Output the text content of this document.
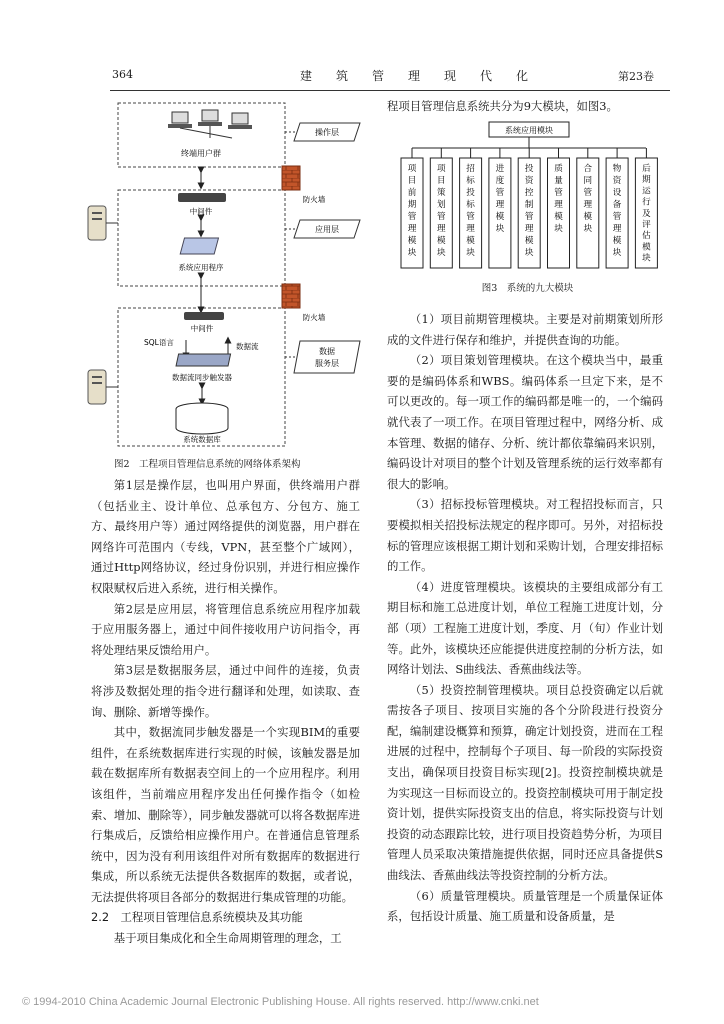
364	建筑管理现代化	第23卷
终端用户群
中间件
系统应用程序
中间件
SQL语言	数据流
数据流同步触发器
系统数据库
防火墙
防火墙
操作层
应用层
数据
服务层

图2　工程项目管理信息系统的网络体系架构

第1层是操作层，也叫用户界面，供终端用户群（包括业主、设计单位、总承包方、分包方、施工方、最终用户等）通过网络提供的浏览器，用户群在网络许可范围内（专线，VPN，甚至整个广域网），通过Http网络协议，经过身份识别，并进行相应操作权限赋权后进入系统，进行相关操作。

第2层是应用层，将管理信息系统应用程序加载于应用服务器上，通过中间件接收用户访问指令，再将处理结果反馈给用户。

第3层是数据服务层，通过中间件的连接，负责将涉及数据处理的指令进行翻译和处理，如读取、查询、删除、新增等操作。

其中，数据流同步触发器是一个实现BIM的重要组件，在系统数据库进行实现的时候，该触发器是加载在数据库所有数据表空间上的一个应用程序。利用该组件，当前端应用程序发出任何操作指令（如检索、增加、删除等），同步触发器就可以将各数据库进行集成后，反馈给相应操作用户。在普通信息管理系统中，因为没有利用该组件对所有数据库的数据进行集成，所以系统无法提供各数据库的数据，或者说，无法提供将项目各部分的数据进行集成管理的功能。

2.2　工程项目管理信息系统模块及其功能

基于项目集成化和全生命周期管理的理念，工

程项目管理信息系统共分为9大模块，如图3。

系统应用模块
项目前期管理模块
项目策划管理模块
招标投标管理模块
进度管理模块
投资控制管理模块
质量管理模块
合同管理模块
物资设备管理模块
后期运行及评估模块

图3　系统的九大模块

（1）项目前期管理模块。主要是对前期策划所形成的文件进行保存和维护，并提供查询的功能。

（2）项目策划管理模块。在这个模块当中，最重要的是编码体系和WBS。编码体系一旦定下来，是不可以更改的。每一项工作的编码都是唯一的，一个编码就代表了一项工作。在项目管理过程中，网络分析、成本管理、数据的储存、分析、统计都依靠编码来识别，编码设计对项目的整个计划及管理系统的运行效率都有很大的影响。

（3）招标投标管理模块。对工程招投标而言，只要模拟相关招投标法规定的程序即可。另外，对招标投标的管理应该根据工期计划和采购计划，合理安排招标的工作。

（4）进度管理模块。该模块的主要组成部分有工期目标和施工总进度计划，单位工程施工进度计划，分部（项）工程施工进度计划，季度、月（旬）作业计划等。此外，该模块还应能提供进度控制的分析方法，如网络计划法、S曲线法、香蕉曲线法等。

（5）投资控制管理模块。项目总投资确定以后就需按各子项目、按项目实施的各个分阶段进行投资分配，编制建设概算和预算，确定计划投资，进而在工程进展的过程中，控制每个子项目、每一阶段的实际投资支出，确保项目投资目标实现[2]。投资控制模块就是为实现这一目标而设立的。投资控制模块可用于制定投资计划，提供实际投资支出的信息，将实际投资与计划投资的动态跟踪比较，进行项目投资趋势分析，为项目管理人员采取决策措施提供依据，同时还应具备提供S曲线法、香蕉曲线法等投资控制的分析方法。

（6）质量管理模块。质量管理是一个质量保证体系，包括设计质量、施工质量和设备质量，是

© 1994-2010 China Academic Journal Electronic Publishing House. All rights reserved. http://www.cnki.net
